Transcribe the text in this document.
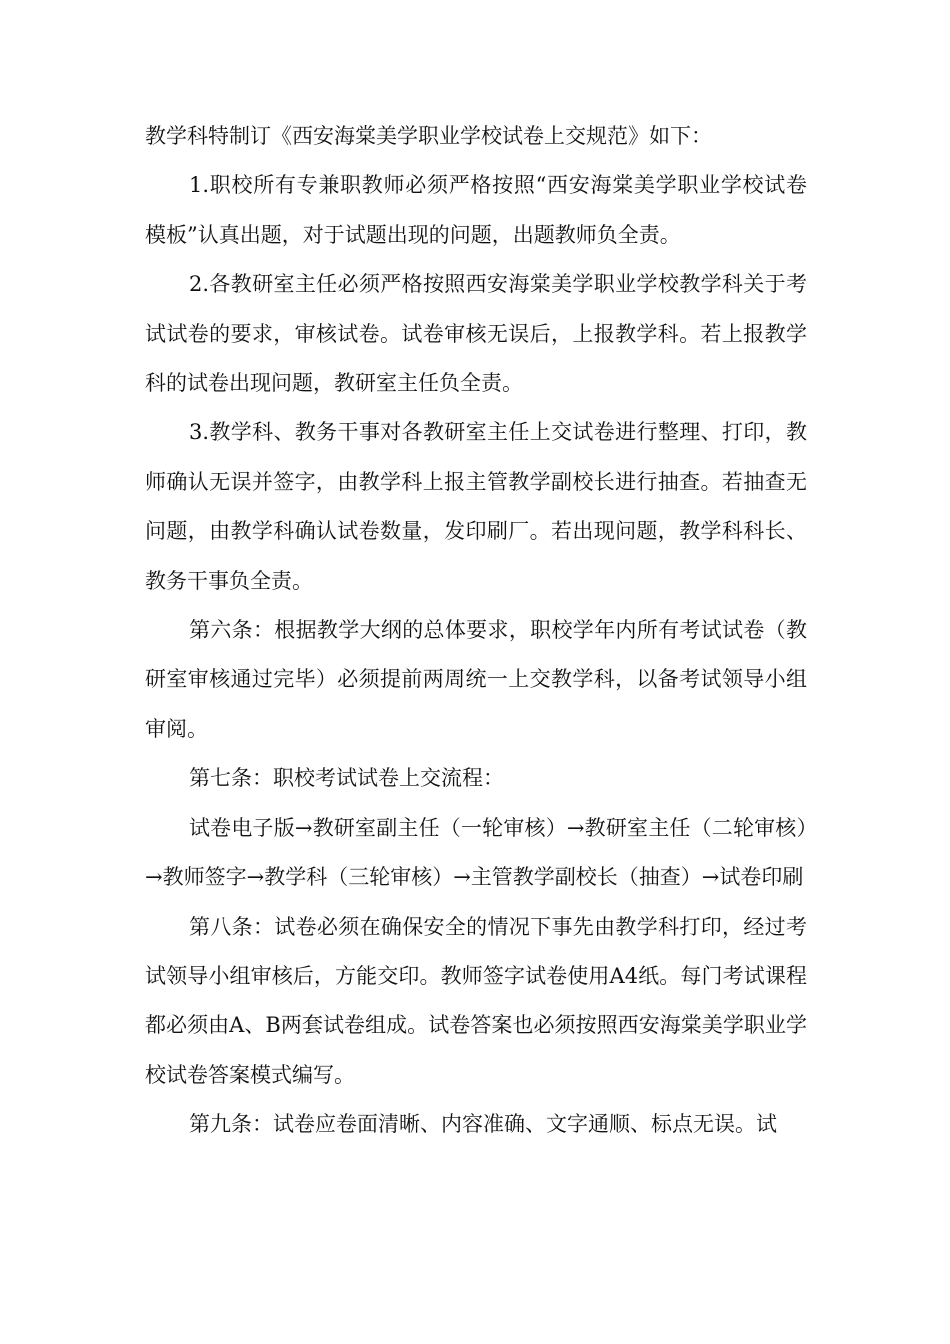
教学科特制订《西安海棠美学职业学校试卷上交规范》如下：

1.职校所有专兼职教师必须严格按照“西安海棠美学职业学校试卷模板”认真出题，对于试题出现的问题，出题教师负全责。

2.各教研室主任必须严格按照西安海棠美学职业学校教学科关于考试试卷的要求，审核试卷。试卷审核无误后，上报教学科。若上报教学科的试卷出现问题，教研室主任负全责。

3.教学科、教务干事对各教研室主任上交试卷进行整理、打印，教师确认无误并签字，由教学科上报主管教学副校长进行抽查。若抽查无问题，由教学科确认试卷数量，发印刷厂。若出现问题，教学科科长、教务干事负全责。

第六条：根据教学大纲的总体要求，职校学年内所有考试试卷（教研室审核通过完毕）必须提前两周统一上交教学科，以备考试领导小组审阅。

第七条：职校考试试卷上交流程：

试卷电子版→教研室副主任（一轮审核）→教研室主任（二轮审核）→教师签字→教学科（三轮审核）→主管教学副校长（抽查）→试卷印刷

第八条：试卷必须在确保安全的情况下事先由教学科打印，经过考试领导小组审核后，方能交印。教师签字试卷使用A4纸。每门考试课程都必须由A、B两套试卷组成。试卷答案也必须按照西安海棠美学职业学校试卷答案模式编写。

第九条：试卷应卷面清晰、内容准确、文字通顺、标点无误。试
